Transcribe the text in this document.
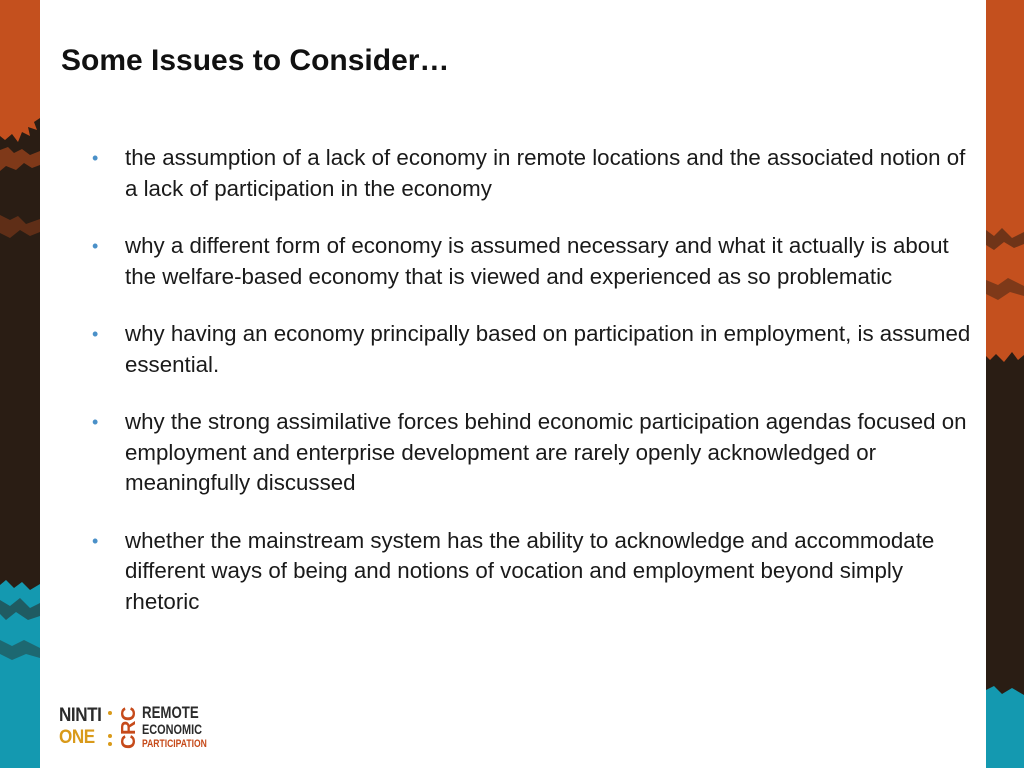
Some Issues to Consider…
• the assumption of a lack of economy in remote locations and the associated notion of a lack of participation in the economy
• why a different form of economy is assumed necessary and what it actually is about the welfare-based economy that is viewed and experienced as so problematic
• why having an economy principally based on participation in employment, is assumed essential.
• why the strong assimilative forces behind economic participation agendas focused on employment and enterprise development are rarely openly acknowledged or meaningfully discussed
• whether the mainstream system has the ability to acknowledge and accommodate different ways of being and notions of vocation and employment beyond simply rhetoric
NINTI
ONE CRC REMOTE
ECONOMIC
PARTICIPATION
